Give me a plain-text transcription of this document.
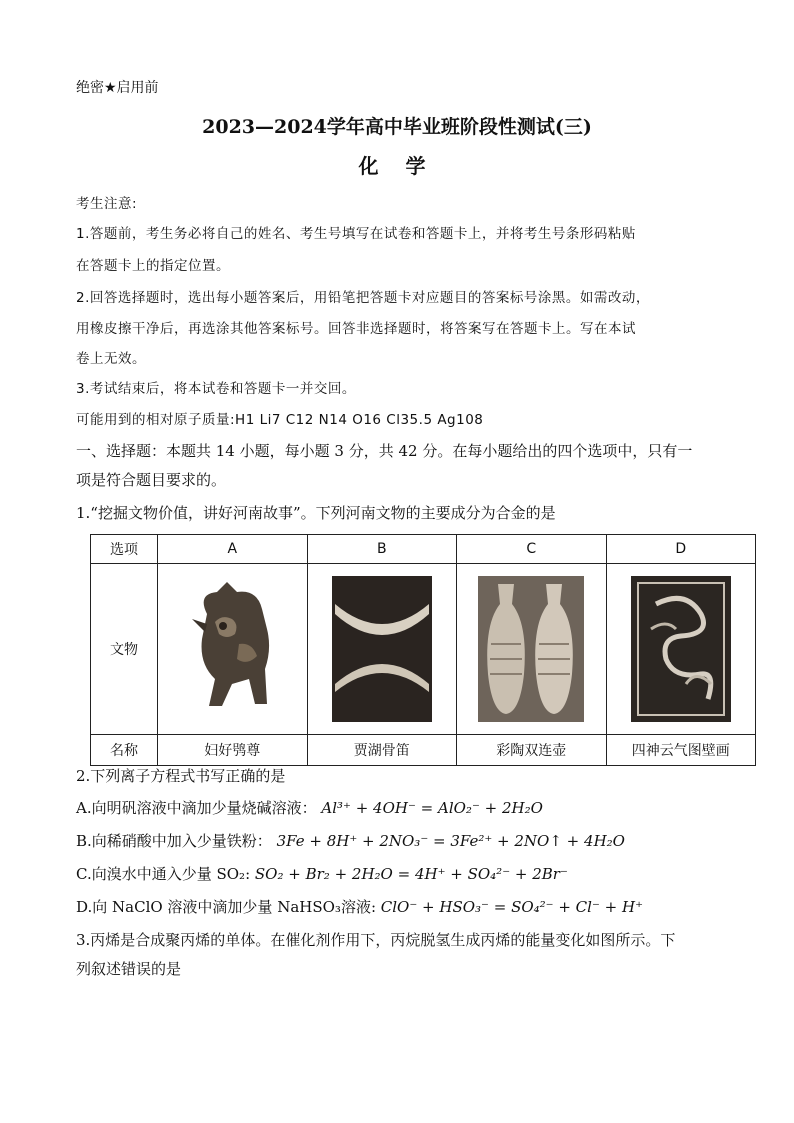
绝密★启用前
2023—2024学年高中毕业班阶段性测试(三)
化 学
考生注意:
1.答题前，考生务必将自己的姓名、考生号填写在试卷和答题卡上，并将考生号条形码粘贴
在答题卡上的指定位置。
2.回答选择题时，选出每小题答案后，用铅笔把答题卡对应题目的答案标号涂黑。如需改动，
用橡皮擦干净后，再选涂其他答案标号。回答非选择题时，将答案写在答题卡上。写在本试
卷上无效。
3.考试结束后，将本试卷和答题卡一并交回。
可能用到的相对原子质量:H1 Li7 C12 N14 O16 Cl35.5 Ag108
一、选择题：本题共 14 小题，每小题 3 分，共 42 分。在每小题给出的四个选项中，只有一
项是符合题目要求的。
1.“挖掘文物价值，讲好河南故事”。下列河南文物的主要成分为合金的是
选项	A	B	C	D
文物	

名称	妇好鸮尊	贾湖骨笛	彩陶双连壶	四神云气图壁画
2.下列离子方程式书写正确的是
A.向明矾溶液中滴加少量烧碱溶液： Al³⁺ + 4OH⁻ = AlO₂⁻ + 2H₂O
B.向稀硝酸中加入少量铁粉： 3Fe + 8H⁺ + 2NO₃⁻ = 3Fe²⁺ + 2NO↑ + 4H₂O
C.向溴水中通入少量 SO₂: SO₂ + Br₂ + 2H₂O = 4H⁺ + SO₄²⁻ + 2Br⁻
D.向 NaClO 溶液中滴加少量 NaHSO₃溶液: ClO⁻ + HSO₃⁻ = SO₄²⁻ + Cl⁻ + H⁺
3.丙烯是合成聚丙烯的单体。在催化剂作用下，丙烷脱氢生成丙烯的能量变化如图所示。下
列叙述错误的是
